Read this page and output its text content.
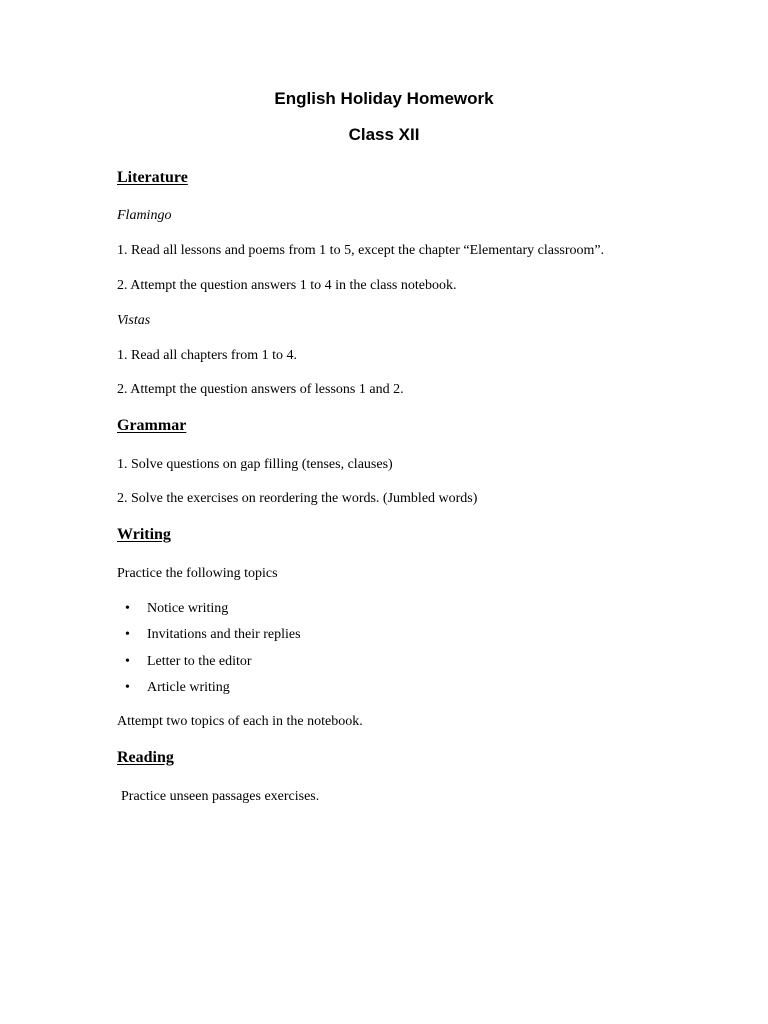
English Holiday Homework
Class XII

Literature

Flamingo

1. Read all lessons and poems from 1 to 5, except the chapter “Elementary classroom”.

2. Attempt the question answers 1 to 4 in the class notebook.

Vistas

1. Read all chapters from 1 to 4.

2. Attempt the question answers of lessons 1 and 2.

Grammar

1. Solve questions on gap filling (tenses, clauses)

2. Solve the exercises on reordering the words. (Jumbled words)

Writing

Practice the following topics

• Notice writing

• Invitations and their replies

• Letter to the editor

• Article writing

Attempt two topics of each in the notebook.

Reading

Practice unseen passages exercises.
